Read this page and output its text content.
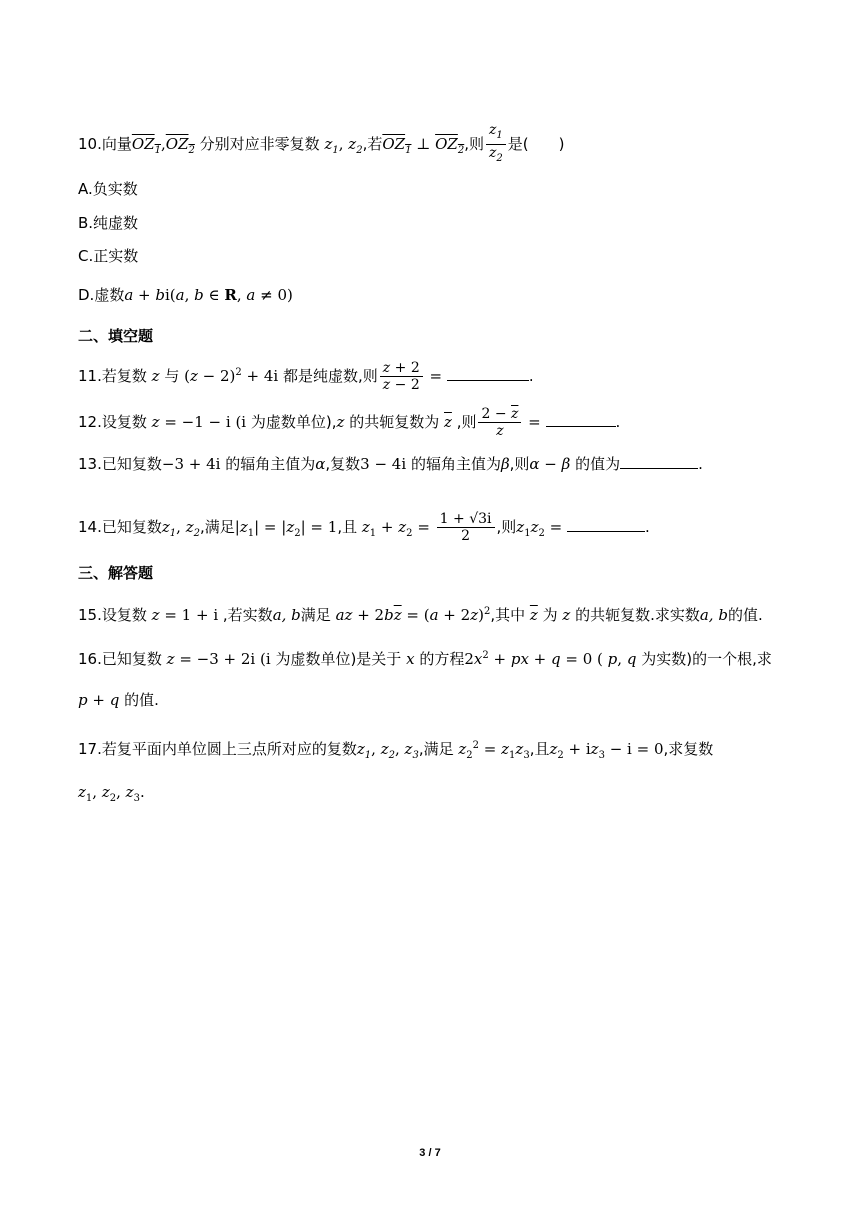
10.向量$OZ_1,OZ_2$ 分别对应非零复数 $z_1$, $z_2$,若$OZ_1$ ⊥ $OZ_2$,则 $\frac{z_1}{z_2}$ 是(　　)
A.负实数
B.纯虚数
C.正实数
D.虚数a + bi(a, b ∈ R, a ≠ 0)
二、填空题
11.若复数 z 与 $(z - 2)^2 + 4i$ 都是纯虚数,则 $\frac{z + 2}{z - 2}$ =	.
12.设复数 z = −1 − i (i 为虚数单位),z 的共轭复数为 $\overline{z}$ ,则 $\frac{2 - \overline{z}}{z}$ =	.
13.已知复数−3 + 4i 的辐角主值为α,复数3 − 4i 的辐角主值为β,则α − β 的值为	.
14.已知复数$z_1$, $z_2$,满足$|z_1| = |z_2| = 1$,且 $z_1 + z_2 = \frac{1 + √3i}{2}$ ,则$z_1z_2$ =	.
三、解答题
15.设复数 z = 1 + i ,若实数a, b满足 az + $2b\overline{z} = (a + 2z)^2$,其中 $\overline{z}$ 为 z 的共轭复数.求实数a, b的值.
16.已知复数 z = −3 + 2i (i 为虚数单位)是关于 x 的方程$2x^2$ + px + q = 0 ( p, q 为实数)的一个根,求
p + q 的值.
17.若复平面内单位圆上三点所对应的复数$z_1$, $z_2$, $z_3$,满足 $z_2^2 = z_1z_3$,且$z_2 + iz_3 - i = 0$,求复数
$z_1$, $z_2$, $z_3$.
3 / 7
